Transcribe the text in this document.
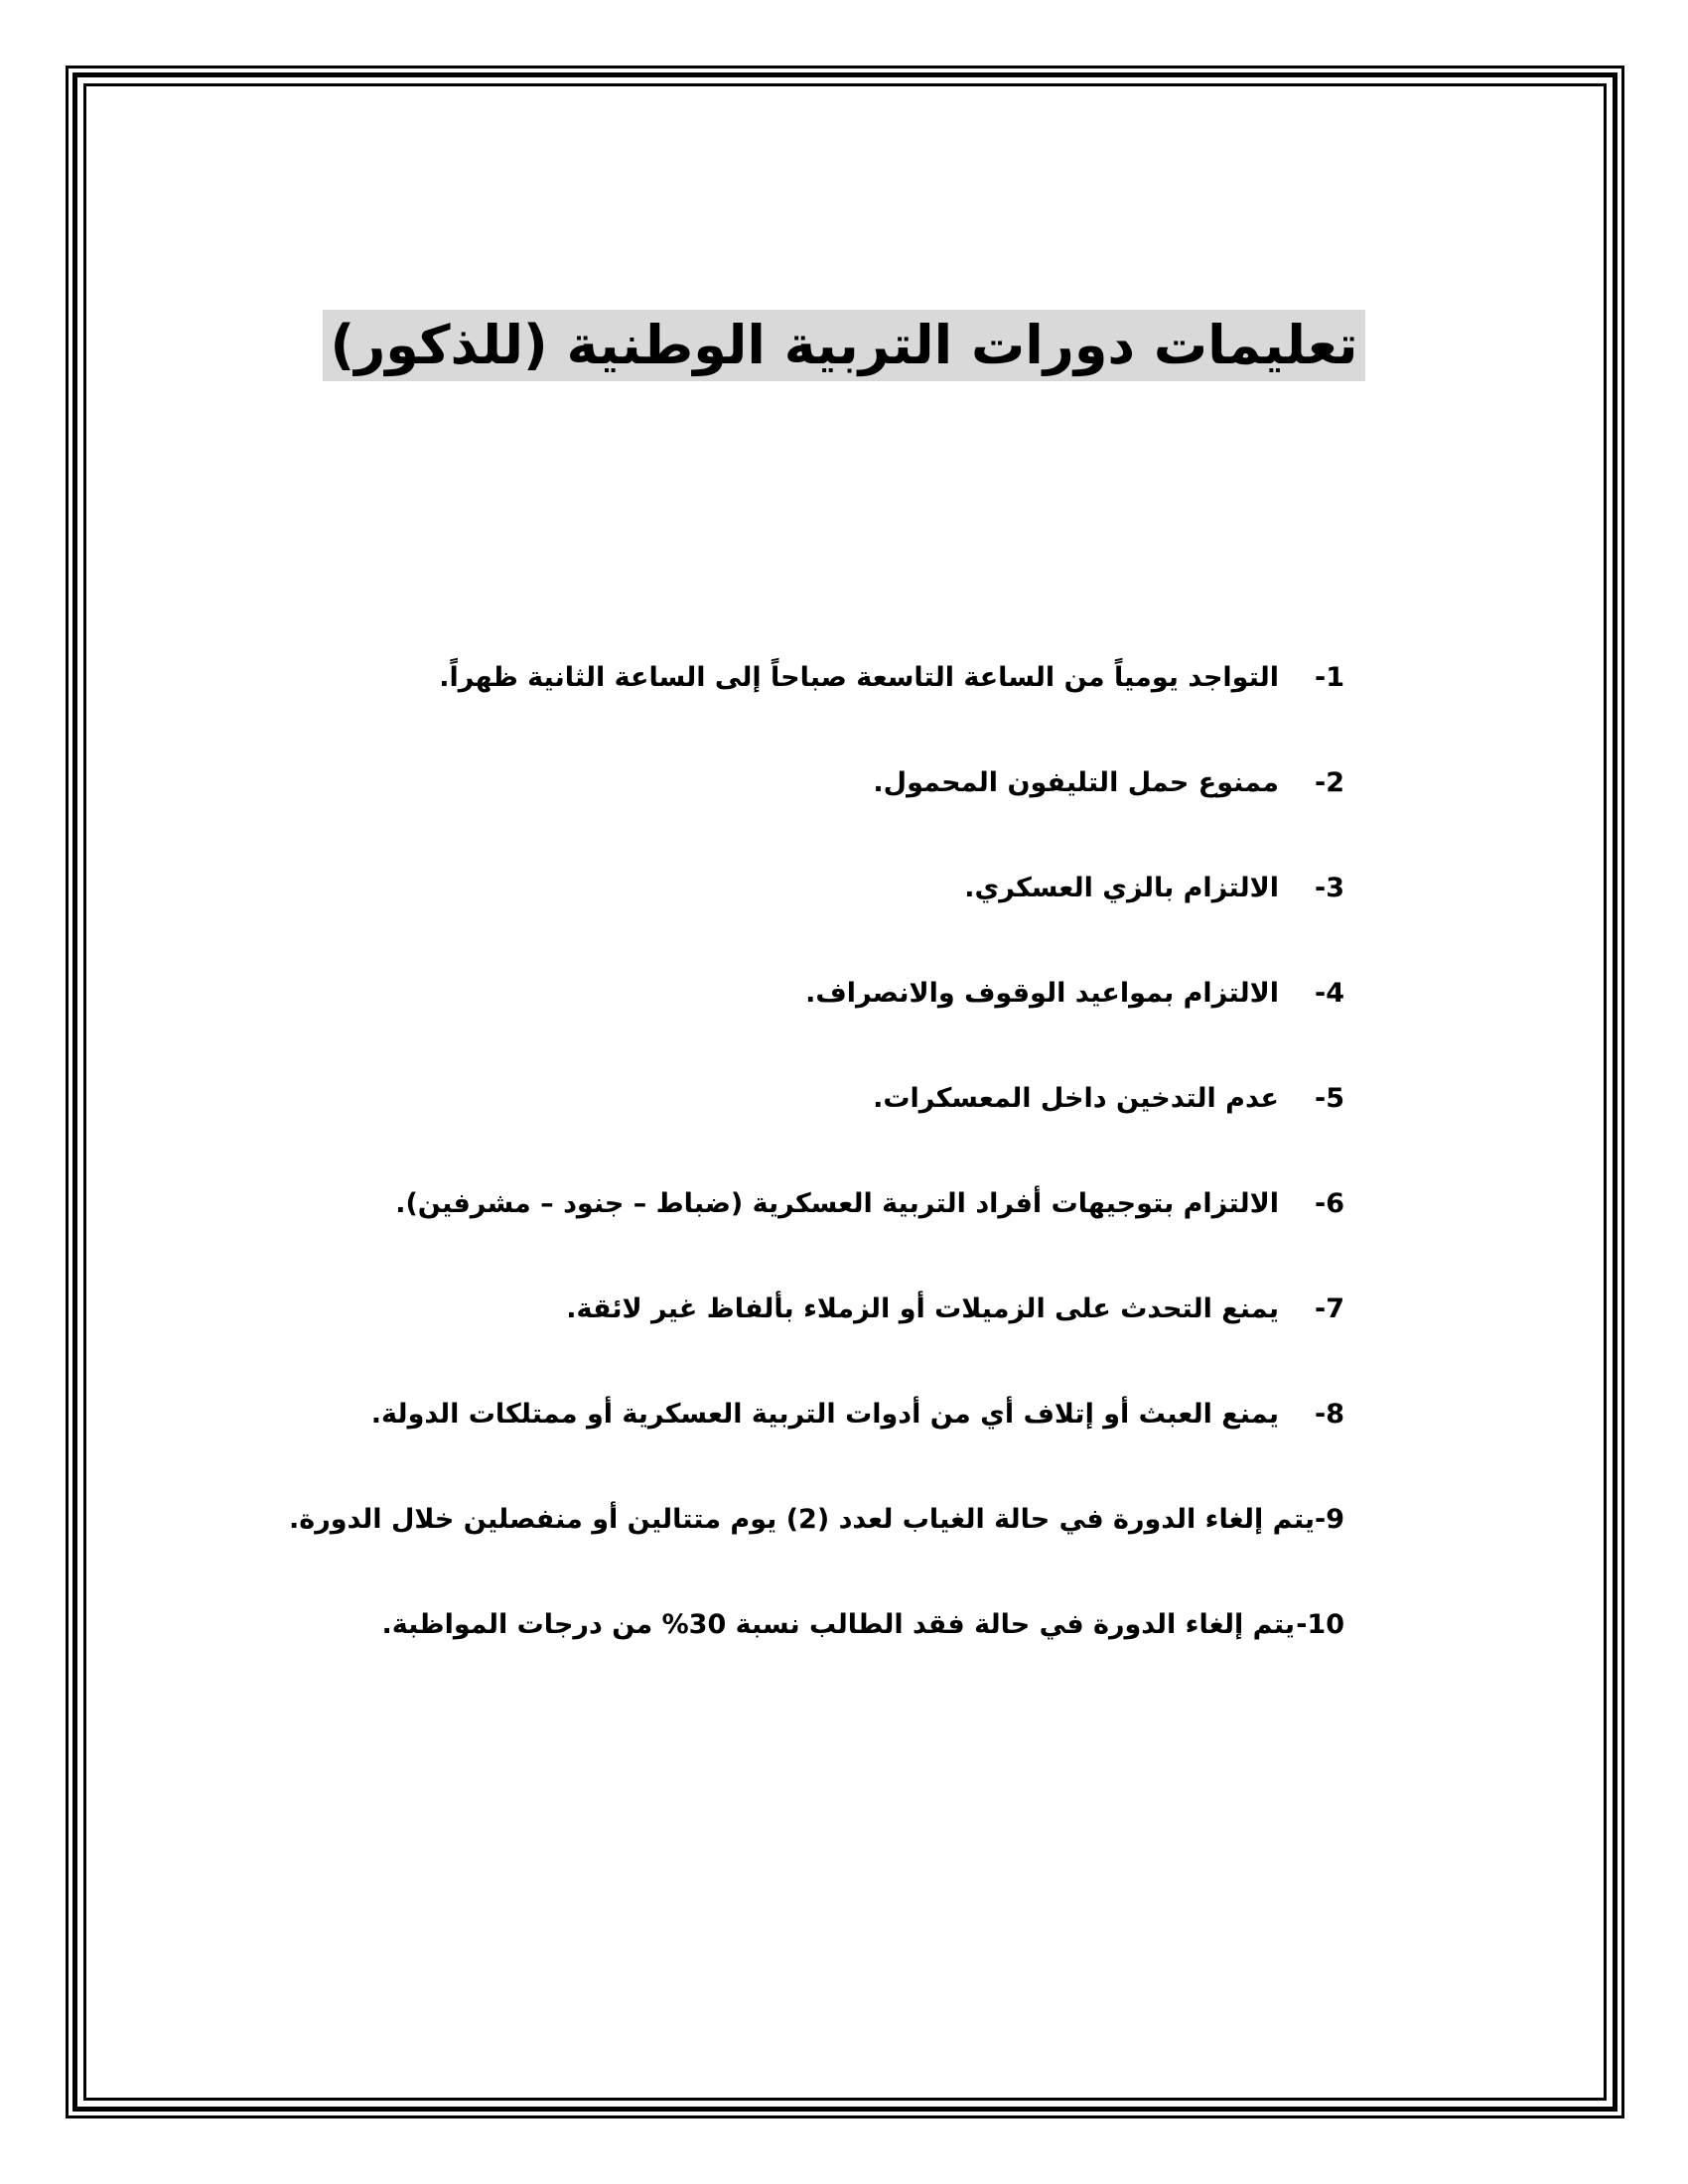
تعليمات دورات التربية الوطنية (للذكور)
-1
التواجد يومياً من الساعة التاسعة صباحاً إلى الساعة الثانية ظهراً.
-2
ممنوع حمل التليفون المحمول.
-3
الالتزام بالزي العسكري.
-4
الالتزام بمواعيد الوقوف والانصراف.
-5
عدم التدخين داخل المعسكرات.
-6
الالتزام بتوجيهات أفراد التربية العسكرية (ضباط – جنود – مشرفين).
-7
يمنع التحدث على الزميلات أو الزملاء بألفاظ غير لائقة.
-8
يمنع العبث أو إتلاف أي من أدوات التربية العسكرية أو ممتلكات الدولة.
-9
يتم إلغاء الدورة في حالة الغياب لعدد (2) يوم متتالين أو منفصلين خلال الدورة.
-10
يتم إلغاء الدورة في حالة فقد الطالب نسبة 30% من درجات المواظبة.
